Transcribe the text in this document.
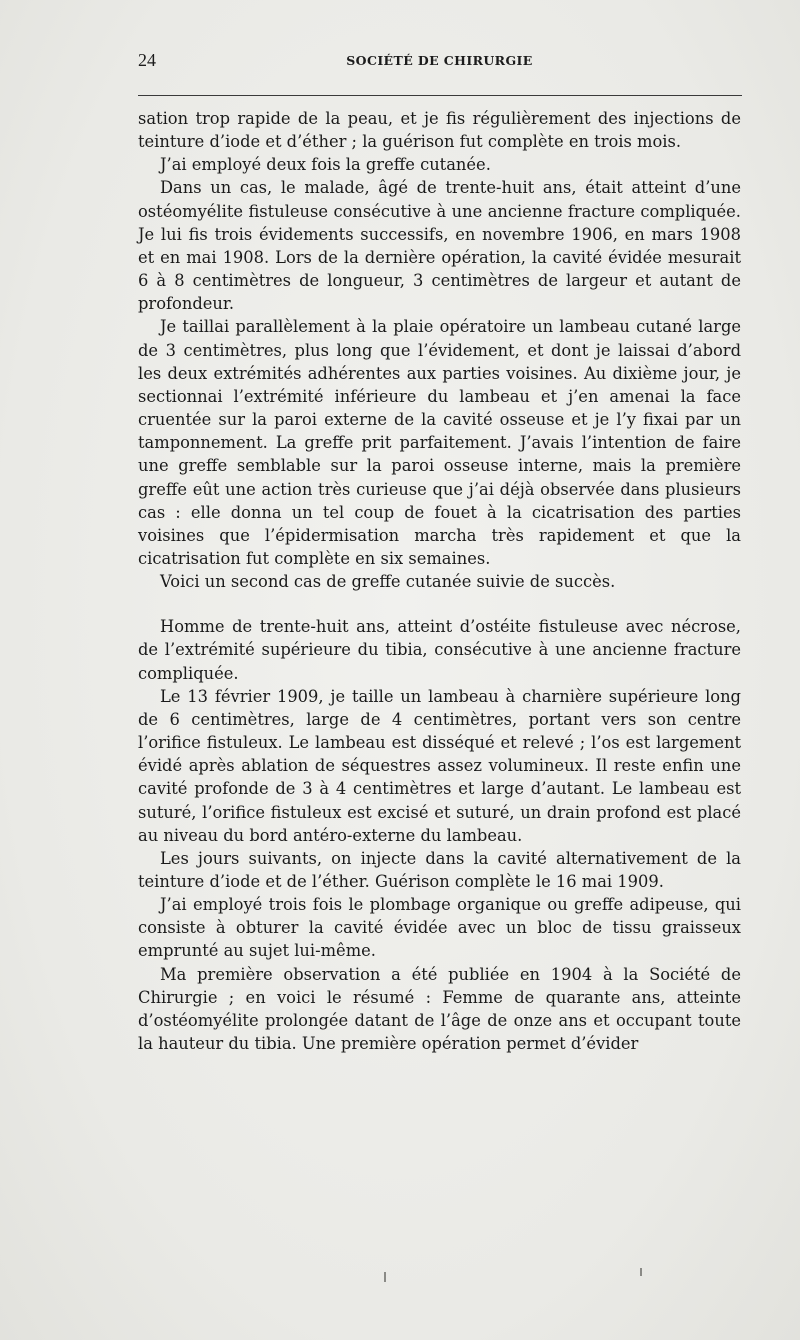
24	SOCIÉTÉ DE CHIRURGIE

sation trop rapide de la peau, et je fis régulièrement des injections de teinture d’iode et d’éther ; la guérison fut complète en trois mois.

J’ai employé deux fois la greffe cutanée.

Dans un cas, le malade, âgé de trente-huit ans, était atteint d’une ostéomyélite fistuleuse consécutive à une ancienne fracture compliquée. Je lui fis trois évidements successifs, en novembre 1906, en mars 1908 et en mai 1908. Lors de la dernière opération, la cavité évidée mesurait 6 à 8 centimètres de longueur, 3 centimètres de largeur et autant de profondeur.

Je taillai parallèlement à la plaie opératoire un lambeau cutané large de 3 centimètres, plus long que l’évidement, et dont je laissai d’abord les deux extrémités adhérentes aux parties voisines. Au dixième jour, je sectionnai l’extrémité inférieure du lambeau et j’en amenai la face cruentée sur la paroi externe de la cavité osseuse et je l’y fixai par un tamponnement. La greffe prit parfaitement. J’avais l’intention de faire une greffe semblable sur la paroi osseuse interne, mais la première greffe eût une action très curieuse que j’ai déjà observée dans plusieurs cas : elle donna un tel coup de fouet à la cicatrisation des parties voisines que l’épidermisation marcha très rapidement et que la cicatrisation fut complète en six semaines.

Voici un second cas de greffe cutanée suivie de succès.

Homme de trente-huit ans, atteint d’ostéite fistuleuse avec nécrose, de l’extrémité supérieure du tibia, consécutive à une ancienne fracture compliquée.

Le 13 février 1909, je taille un lambeau à charnière supérieure long de 6 centimètres, large de 4 centimètres, portant vers son centre l’orifice fistuleux. Le lambeau est disséqué et relevé ; l’os est largement évidé après ablation de séquestres assez volumineux. Il reste enfin une cavité profonde de 3 à 4 centimètres et large d’autant. Le lambeau est suturé, l’orifice fistuleux est excisé et suturé, un drain profond est placé au niveau du bord antéro-externe du lambeau.

Les jours suivants, on injecte dans la cavité alternativement de la teinture d’iode et de l’éther. Guérison complète le 16 mai 1909.

J’ai employé trois fois le plombage organique ou greffe adipeuse, qui consiste à obturer la cavité évidée avec un bloc de tissu graisseux emprunté au sujet lui-même.

Ma première observation a été publiée en 1904 à la Société de Chirurgie ; en voici le résumé : Femme de quarante ans, atteinte d’ostéomyélite prolongée datant de l’âge de onze ans et occupant toute la hauteur du tibia. Une première opération permet d’évider
